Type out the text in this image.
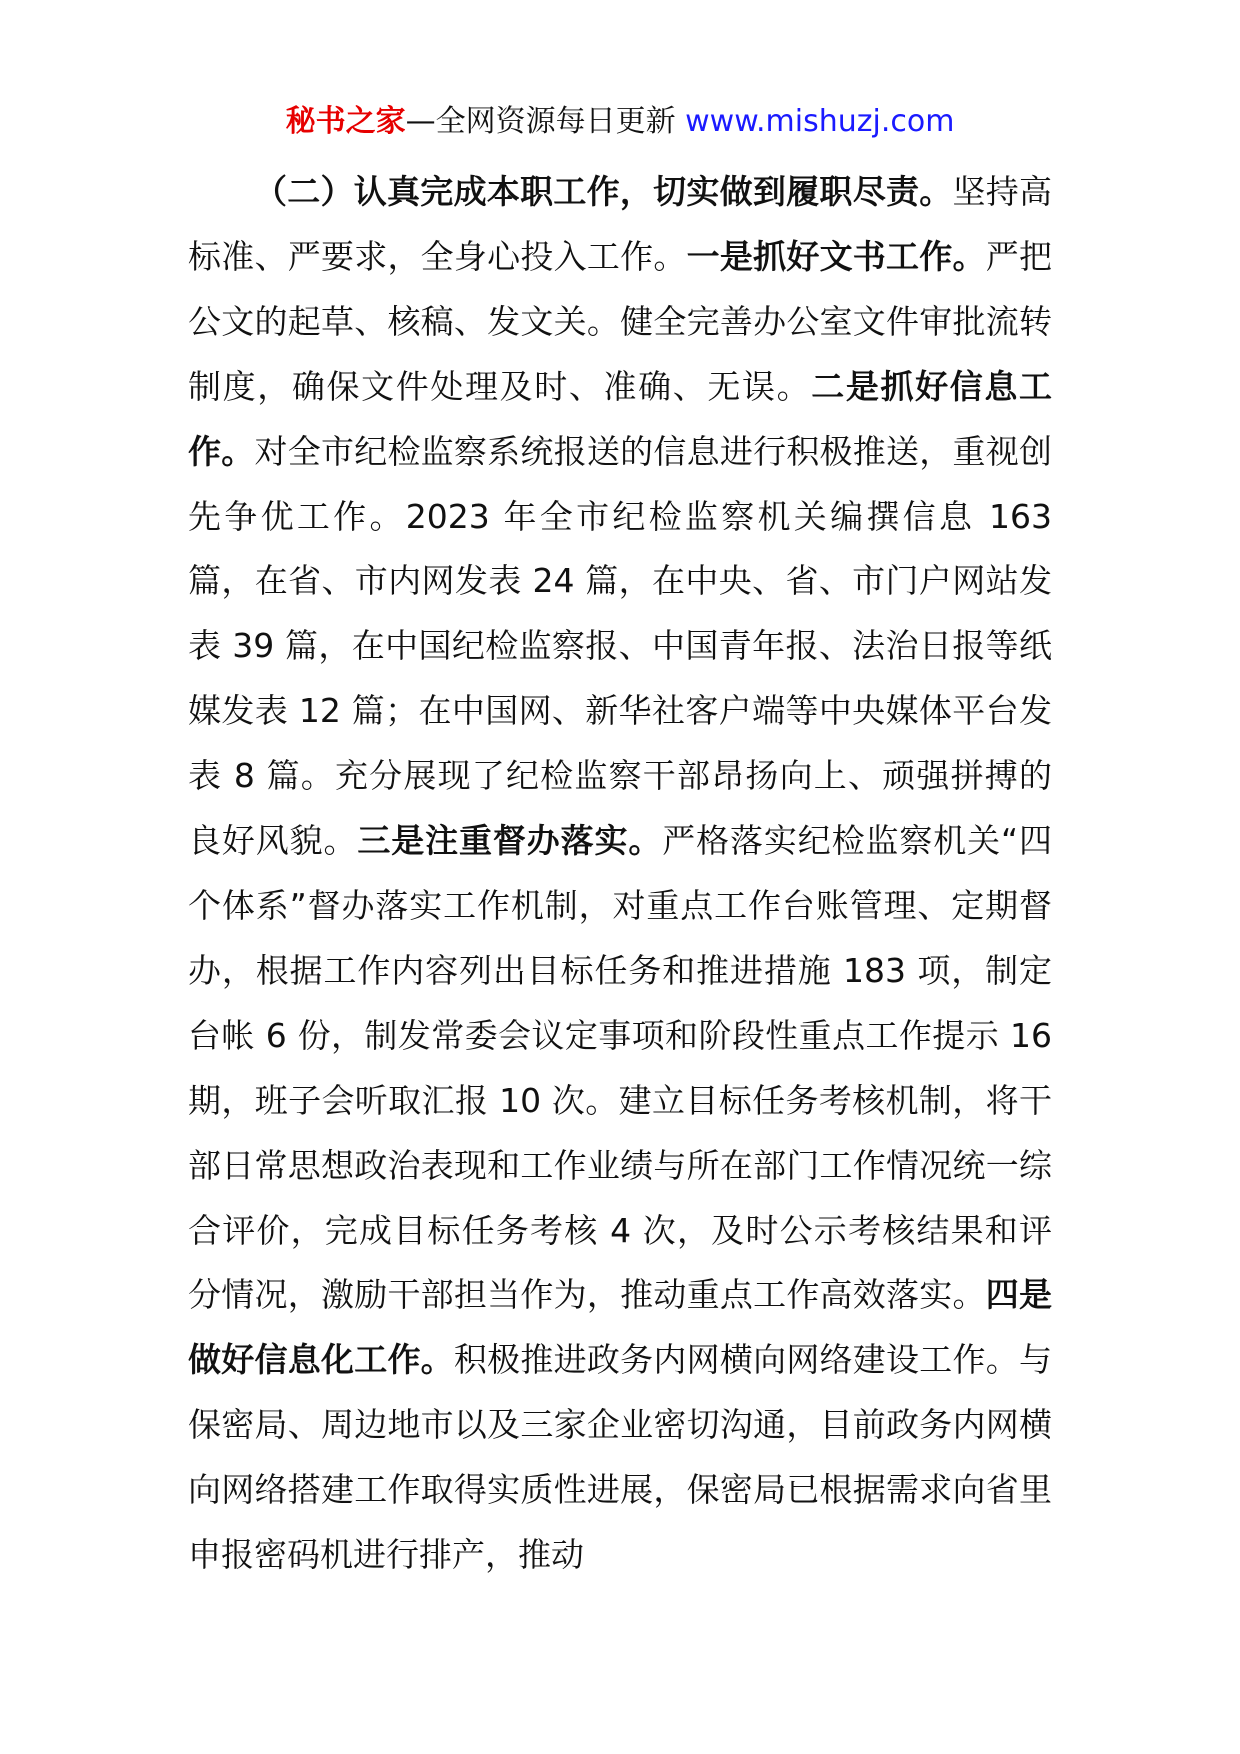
秘书之家—全网资源每日更新 www.mishuzj.com

（二）认真完成本职工作，切实做到履职尽责。坚持高标准、严要求，全身心投入工作。一是抓好文书工作。严把公文的起草、核稿、发文关。健全完善办公室文件审批流转制度，确保文件处理及时、准确、无误。二是抓好信息工作。对全市纪检监察系统报送的信息进行积极推送，重视创先争优工作。2023 年全市纪检监察机关编撰信息 163 篇，在省、市内网发表 24 篇，在中央、省、市门户网站发表 39 篇，在中国纪检监察报、中国青年报、法治日报等纸媒发表 12 篇；在中国网、新华社客户端等中央媒体平台发表 8 篇。充分展现了纪检监察干部昂扬向上、顽强拼搏的良好风貌。三是注重督办落实。严格落实纪检监察机关“四个体系”督办落实工作机制，对重点工作台账管理、定期督办，根据工作内容列出目标任务和推进措施 183 项，制定台帐 6 份，制发常委会议定事项和阶段性重点工作提示 16 期，班子会听取汇报 10 次。建立目标任务考核机制，将干部日常思想政治表现和工作业绩与所在部门工作情况统一综合评价，完成目标任务考核 4 次，及时公示考核结果和评分情况，激励干部担当作为，推动重点工作高效落实。四是做好信息化工作。积极推进政务内网横向网络建设工作。与保密局、周边地市以及三家企业密切沟通，目前政务内网横向网络搭建工作取得实质性进展，保密局已根据需求向省里申报密码机进行排产，推动
